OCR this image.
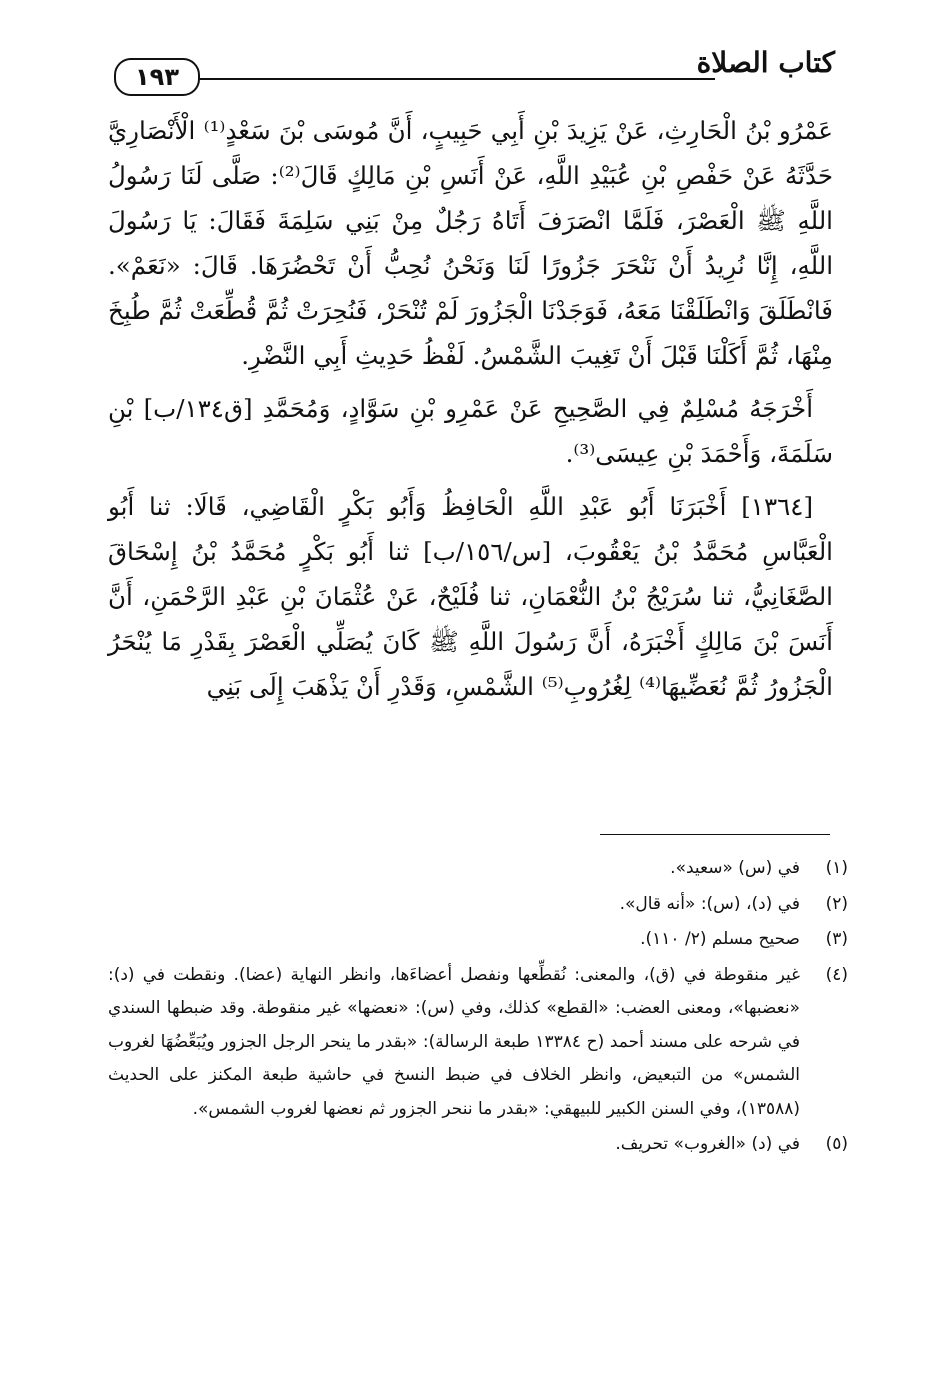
١٩٣	كتاب الصلاة

عَمْرُو بْنُ الْحَارِثِ، عَنْ يَزِيدَ بْنِ أَبِي حَبِيبٍ، أَنَّ مُوسَى بْنَ سَعْدٍ⁽¹⁾ الْأَنْصَارِيَّ حَدَّثَهُ عَنْ حَفْصِ بْنِ عُبَيْدِ اللَّهِ، عَنْ أَنَسِ بْنِ مَالِكٍ قَالَ⁽²⁾: صَلَّى لَنَا رَسُولُ اللَّهِ ﷺ الْعَصْرَ، فَلَمَّا انْصَرَفَ أَتَاهُ رَجُلٌ مِنْ بَنِي سَلِمَةَ فَقَالَ: يَا رَسُولَ اللَّهِ، إِنَّا نُرِيدُ أَنْ نَنْحَرَ جَزُورًا لَنَا وَنَحْنُ نُحِبُّ أَنْ تَحْضُرَهَا. قَالَ: «نَعَمْ». فَانْطَلَقَ وَانْطَلَقْنَا مَعَهُ، فَوَجَدْنَا الْجَزُورَ لَمْ تُنْحَرْ، فَنُحِرَتْ ثُمَّ قُطِّعَتْ ثُمَّ طُبِخَ مِنْهَا، ثُمَّ أَكَلْنَا قَبْلَ أَنْ تَغِيبَ الشَّمْسُ. لَفْظُ حَدِيثِ أَبِي النَّضْرِ.

أَخْرَجَهُ مُسْلِمٌ فِي الصَّحِيحِ عَنْ عَمْرِو بْنِ سَوَّادٍ، وَمُحَمَّدِ [ق١٣٤/ب] بْنِ سَلَمَةَ، وَأَحْمَدَ بْنِ عِيسَى⁽³⁾.

[١٣٦٤] أَخْبَرَنَا أَبُو عَبْدِ اللَّهِ الْحَافِظُ وَأَبُو بَكْرٍ الْقَاضِي، قَالَا: ثنا أَبُو الْعَبَّاسِ مُحَمَّدُ بْنُ يَعْقُوبَ، [س/١٥٦/ب] ثنا أَبُو بَكْرٍ مُحَمَّدُ بْنُ إِسْحَاقَ الصَّغَانِيُّ، ثنا سُرَيْجُ بْنُ النُّعْمَانِ، ثنا فُلَيْحٌ، عَنْ عُثْمَانَ بْنِ عَبْدِ الرَّحْمَنِ، أَنَّ أَنَسَ بْنَ مَالِكٍ أَخْبَرَهُ، أَنَّ رَسُولَ اللَّهِ ﷺ كَانَ يُصَلِّي الْعَصْرَ بِقَدْرِ مَا يُنْحَرُ الْجَزُورُ ثُمَّ نُعَضِّيهَا⁽⁴⁾ لِغُرُوبِ⁽⁵⁾ الشَّمْسِ، وَقَدْرِ أَنْ يَذْهَبَ إِلَى بَنِي

(١)
في (س) «سعيد».
(٢)
في (د)، (س): «أنه قال».
(٣)
صحيح مسلم (٢/ ١١٠).
(٤)
غير منقوطة في (ق)، والمعنى: نُقطِّعها ونفصل أعضاءَها، وانظر النهاية (عضا). ونقطت في (د): «نعضبها»، ومعنى العضب: «القطع» كذلك، وفي (س): «نعضها» غير منقوطة. وقد ضبطها السندي في شرحه على مسند أحمد (ح ١٣٣٨٤ طبعة الرسالة): «بقدر ما ينحر الرجل الجزور ويُبَعِّضُهَا لغروب الشمس» من التبعيض، وانظر الخلاف في ضبط النسخ في حاشية طبعة المكنز على الحديث (١٣٥٨٨)، وفي السنن الكبير للبيهقي: «بقدر ما ننحر الجزور ثم نعضها لغروب الشمس».
(٥)
في (د) «الغروب» تحريف.
